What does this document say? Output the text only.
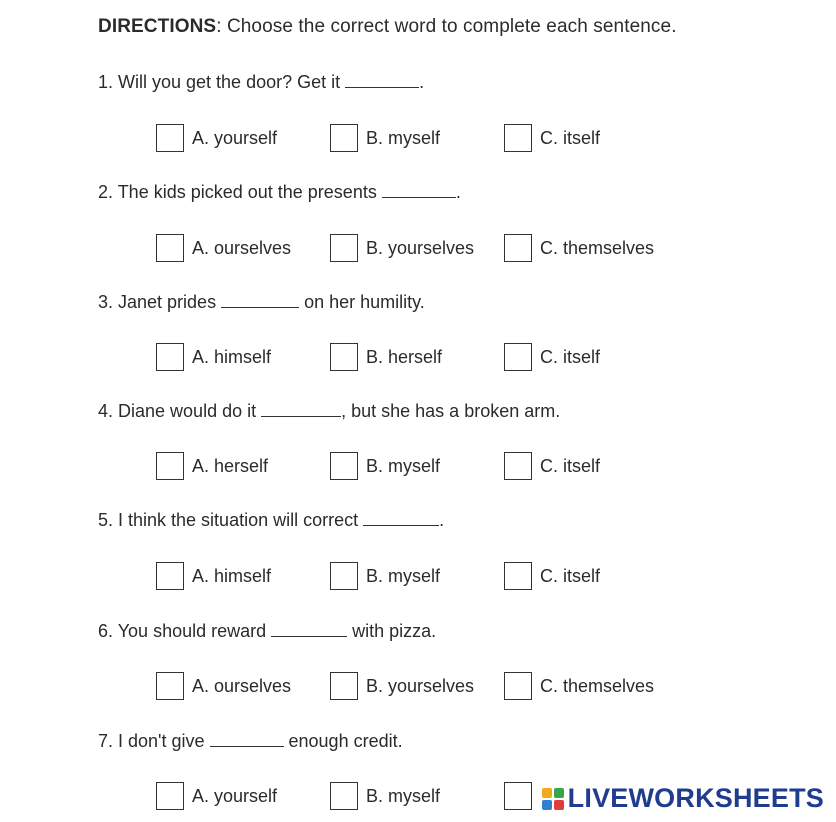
DIRECTIONS: Choose the correct word to complete each sentence.
1. Will you get the door? Get it	.
A. yourself	B. myself	C. itself
2. The kids picked out the presents	.
A. ourselves	B. yourselves	C. themselves
3. Janet prides	on her humility.
A. himself	B. herself	C. itself
4. Diane would do it	, but she has a broken arm.
A. herself	B. myself	C. itself
5. I think the situation will correct	.
A. himself	B. myself	C. itself
6. You should reward	with pizza.
A. ourselves	B. yourselves	C. themselves
7. I don't give	enough credit.
A. yourself	B. myself	LIVEWORKSHEETS
